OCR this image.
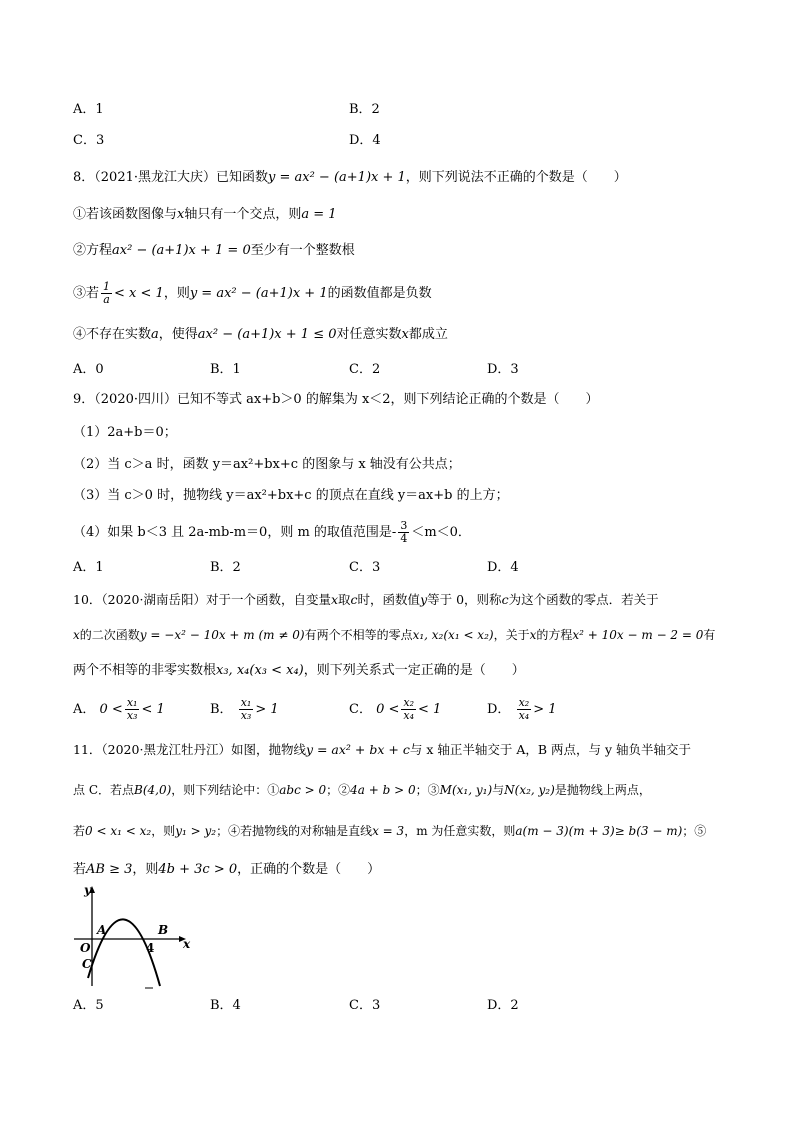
A．1	B．2
C．3	D．4
8．（2021·黑龙江大庆）已知函数y = ax² − (a+1)x + 1，则下列说法不正确的个数是（　　）
①若该函数图像与x轴只有一个交点，则a = 1
②方程ax² − (a+1)x + 1 = 0至少有一个整数根
③若 $\frac{1}{a} < x < 1$，则y = ax² − (a+1)x + 1的函数值都是负数
④不存在实数a，使得ax² − (a+1)x + 1 ≤ 0对任意实数x都成立
A．0	B．1	C．2	D．3
9．（2020·四川）已知不等式 ax+b＞0 的解集为 x＜2，则下列结论正确的个数是（　　）
（1）2a+b＝0；
（2）当 c＞a 时，函数 y＝ax²+bx+c 的图象与 x 轴没有公共点；
（3）当 c＞0 时，抛物线 y＝ax²+bx+c 的顶点在直线 y＝ax+b 的上方；
（4）如果 b＜3 且 2a-mb-m＝0，则 m 的取值范围是- $\frac{3}{4} <m<0$．
A．1	B．2	C．3	D．4
10．（2020·湖南岳阳）对于一个函数，自变量x取c时，函数值y等于 0，则称c为这个函数的零点．若关于
x的二次函数y = −x² − 10x + m (m ≠ 0)有两个不相等的零点x₁, x₂(x₁ < x₂)，关于x的方程x² + 10x − m − 2 = 0有
两个不相等的非零实数根x₃, x₄(x₃ < x₄)，则下列关系式一定正确的是（　　）
A． $0 < \frac{\text{x₁}}{\text{x₃}} < 1$	B． $\frac{\text{x₁}}{\text{x₃}} > 1$	C． $0 < \frac{\text{x₂}}{\text{x₄}} < 1$	D． $\frac{\text{x₂}}{\text{x₄}} > 1$
11．（2020·黑龙江牡丹江）如图，抛物线y = ax² + bx + c与 x 轴正半轴交于 A，B 两点，与 y 轴负半轴交于
点 C．若点B(4,0)，则下列结论中：①abc > 0；②4a + b > 0；③M(x₁, y₁)与N(x₂, y₂)是抛物线上两点，
若0 < x₁ < x₂，则y₁ > y₂；④若抛物线的对称轴是直线x = 3，m 为任意实数，则a(m − 3)(m + 3)≥ b(3 − m)；⑤
若AB ≥ 3，则4b + 3c > 0，正确的个数是（　　）
y
x
A	B
O
C
4
A．5	B．4	C．3	D．2
